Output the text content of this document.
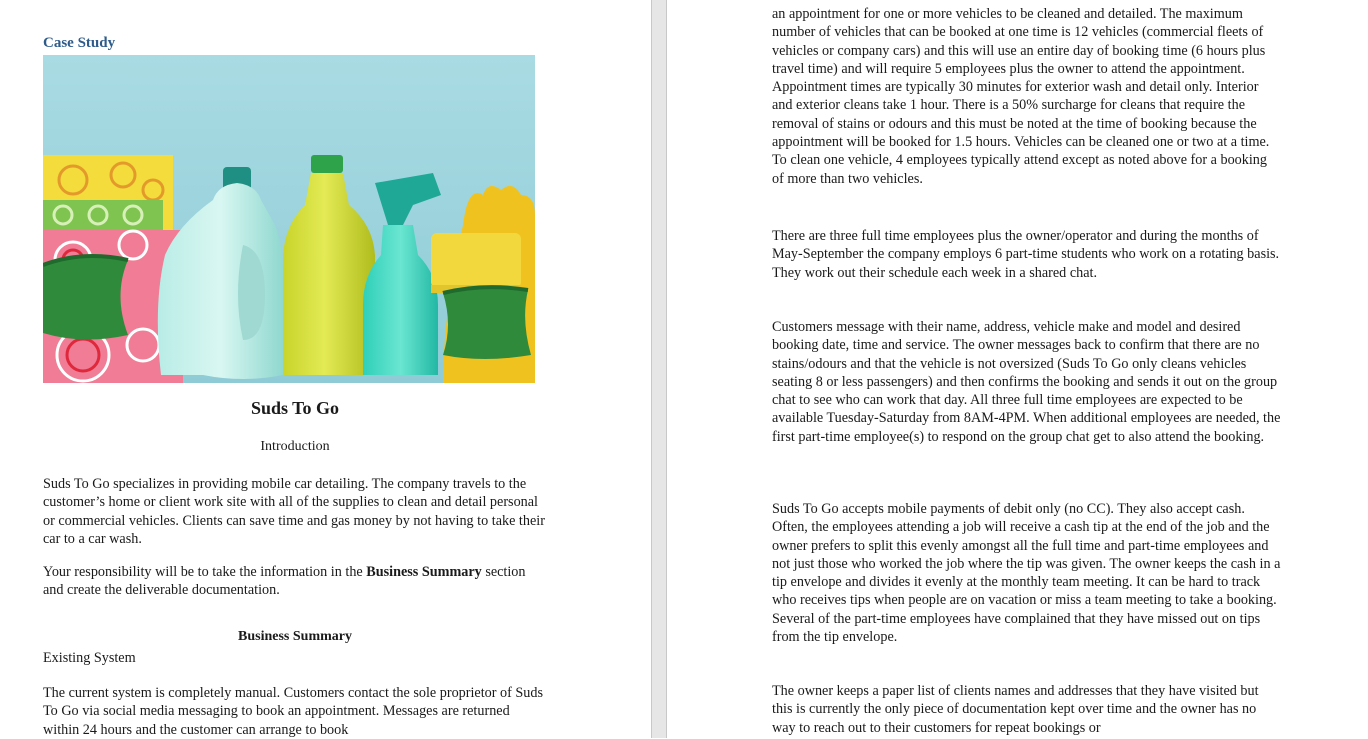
Case Study
Suds To Go
Introduction
Suds To Go specializes in providing mobile car detailing. The company travels to the customer’s home or client work site with all of the supplies to clean and detail personal or commercial vehicles. Clients can save time and gas money by not having to take their car to a car wash.
Your responsibility will be to take the information in the Business Summary section and create the deliverable documentation.
Business Summary
Existing System
The current system is completely manual. Customers contact the sole proprietor of Suds To Go via social media messaging to book an appointment. Messages are returned within 24 hours and the customer can arrange to book
an appointment for one or more vehicles to be cleaned and detailed. The maximum number of vehicles that can be booked at one time is 12 vehicles (commercial fleets of vehicles or company cars) and this will use an entire day of booking time (6 hours plus travel time) and will require 5 employees plus the owner to attend the appointment. Appointment times are typically 30 minutes for exterior wash and detail only. Interior and exterior cleans take 1 hour. There is a 50% surcharge for cleans that require the removal of stains or odours and this must be noted at the time of booking because the appointment will be booked for 1.5 hours. Vehicles can be cleaned one or two at a time. To clean one vehicle, 4 employees typically attend except as noted above for a booking of more than two vehicles.
There are three full time employees plus the owner/operator and during the months of May-September the company employs 6 part-time students who work on a rotating basis. They work out their schedule each week in a shared chat.
Customers message with their name, address, vehicle make and model and desired booking date, time and service. The owner messages back to confirm that there are no stains/odours and that the vehicle is not oversized (Suds To Go only cleans vehicles seating 8 or less passengers) and then confirms the booking and sends it out on the group chat to see who can work that day. All three full time employees are expected to be available Tuesday-Saturday from 8AM-4PM. When additional employees are needed, the first part-time employee(s) to respond on the group chat get to also attend the booking.
Suds To Go accepts mobile payments of debit only (no CC). They also accept cash. Often, the employees attending a job will receive a cash tip at the end of the job and the owner prefers to split this evenly amongst all the full time and part-time employees and not just those who worked the job where the tip was given. The owner keeps the cash in a tip envelope and divides it evenly at the monthly team meeting. It can be hard to track who receives tips when people are on vacation or miss a team meeting to take a booking. Several of the part-time employees have complained that they have missed out on tips from the tip envelope.
The owner keeps a paper list of clients names and addresses that they have visited but this is currently the only piece of documentation kept over time and the owner has no way to reach out to their customers for repeat bookings or
